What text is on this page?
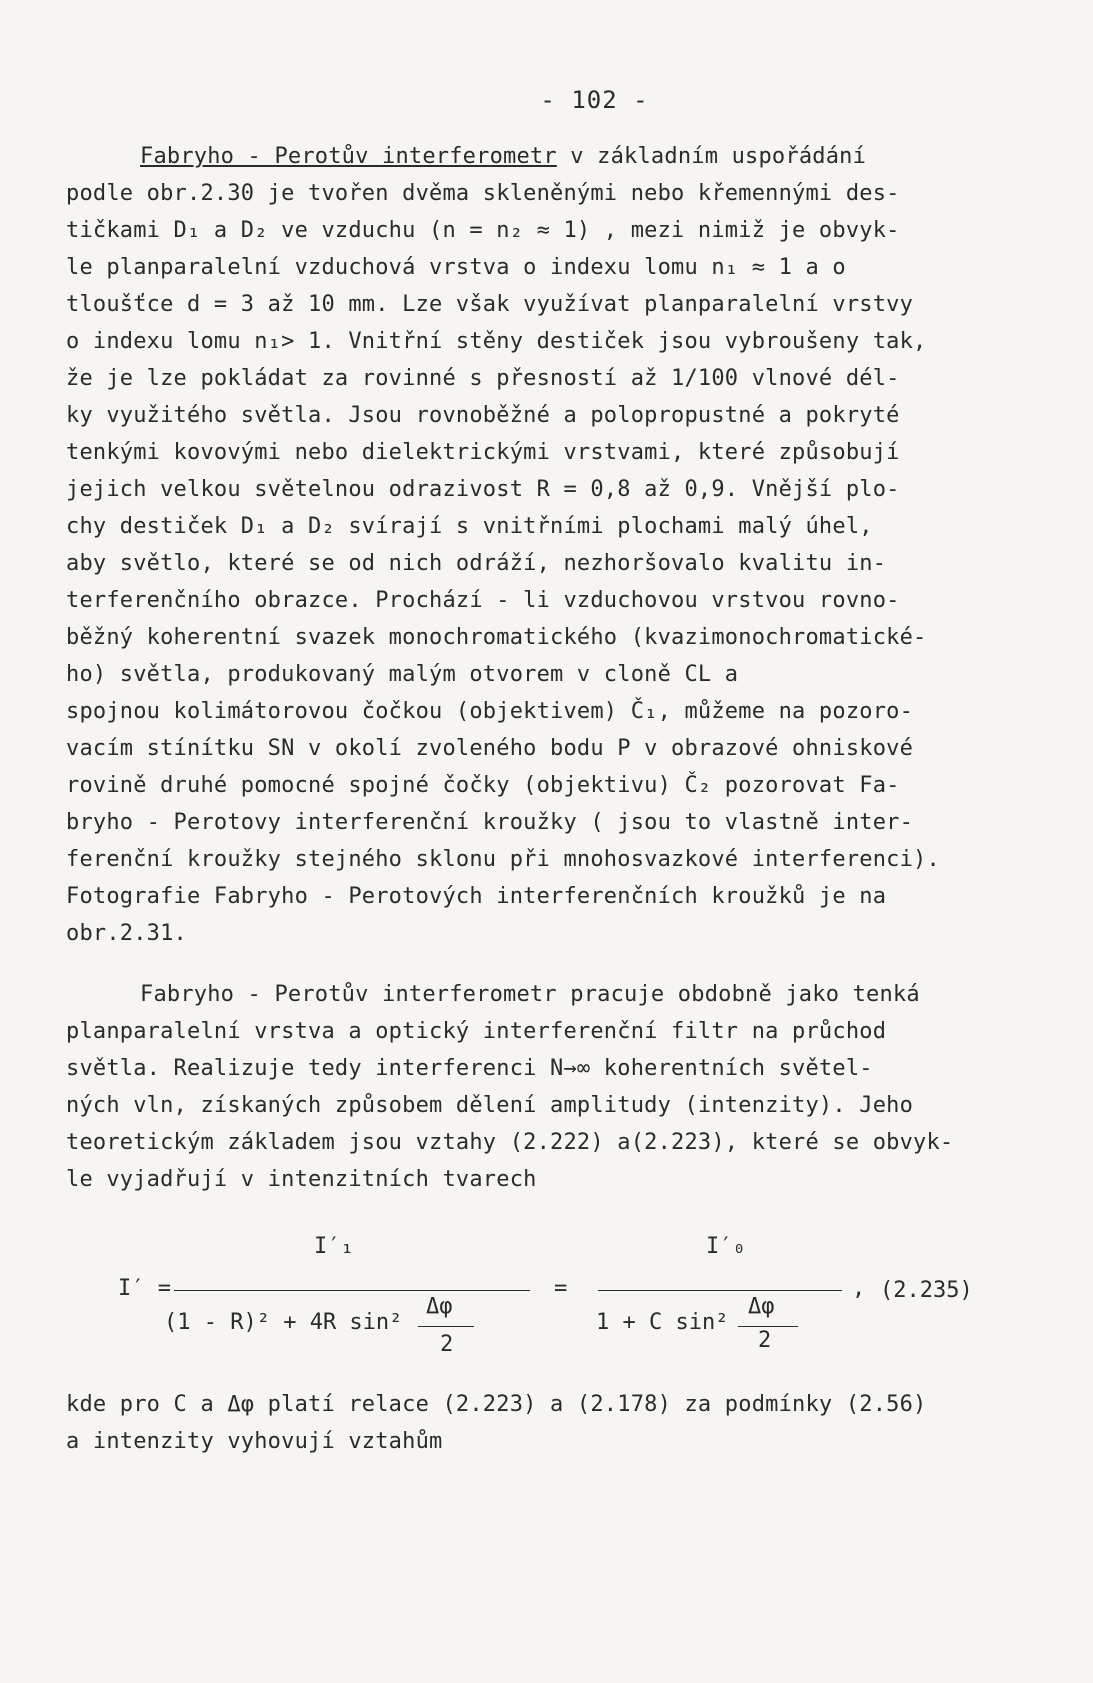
- 102 -

Fabryho - Perotův interferometr v základním uspořádání
podle obr.2.30 je tvořen dvěma skleněnými nebo křemennými des-
tičkami D₁ a D₂ ve vzduchu (n = n₂ ≈ 1) , mezi nimiž je obvyk-
le planparalelní vzduchová vrstva o indexu lomu n₁ ≈ 1 a o
tloušťce d = 3 až 10 mm. Lze však využívat planparalelní vrstvy
o indexu lomu n₁> 1. Vnitřní stěny destiček jsou vybroušeny tak,
že je lze pokládat za rovinné s přesností až 1/100 vlnové dél-
ky využitého světla. Jsou rovnoběžné a polopropustné a pokryté
tenkými kovovými nebo dielektrickými vrstvami, které způsobují
jejich velkou světelnou odrazivost R = 0,8 až 0,9. Vnější plo-
chy destiček D₁ a D₂ svírají s vnitřními plochami malý úhel,
aby světlo, které se od nich odráží, nezhoršovalo kvalitu in-
terferenčního obrazce. Prochází - li vzduchovou vrstvou rovno-
běžný koherentní svazek monochromatického (kvazimonochromatické-
ho) světla, produkovaný malým otvorem v cloně CL a
spojnou kolimátorovou čočkou (objektivem) Č₁, můžeme na pozoro-
vacím stínítku SN v okolí zvoleného bodu P v obrazové ohniskové
rovině druhé pomocné spojné čočky (objektivu) Č₂ pozorovat Fa-
bryho - Perotovy interferenční kroužky ( jsou to vlastně inter-
ferenční kroužky stejného sklonu při mnohosvazkové interferenci).
Fotografie Fabryho - Perotových interferenčních kroužků je na
obr.2.31.

Fabryho - Perotův interferometr pracuje obdobně jako tenká
planparalelní vrstva a optický interferenční filtr na průchod
světla. Realizuje tedy interferenci N→∞ koherentních světel-
ných vln, získaných způsobem dělení amplitudy (intenzity). Jeho
teoretickým základem jsou vztahy (2.222) a(2.223), které se obvyk-
le vyjadřují v intenzitních tvarech

I′ =
I′₁
(1 - R)² + 4R sin²
Δφ
2
=
I′₀
1 + C sin²
Δφ
2
, (2.235)

kde pro C a Δφ platí relace (2.223) a (2.178) za podmínky (2.56)
a intenzity vyhovují vztahům
